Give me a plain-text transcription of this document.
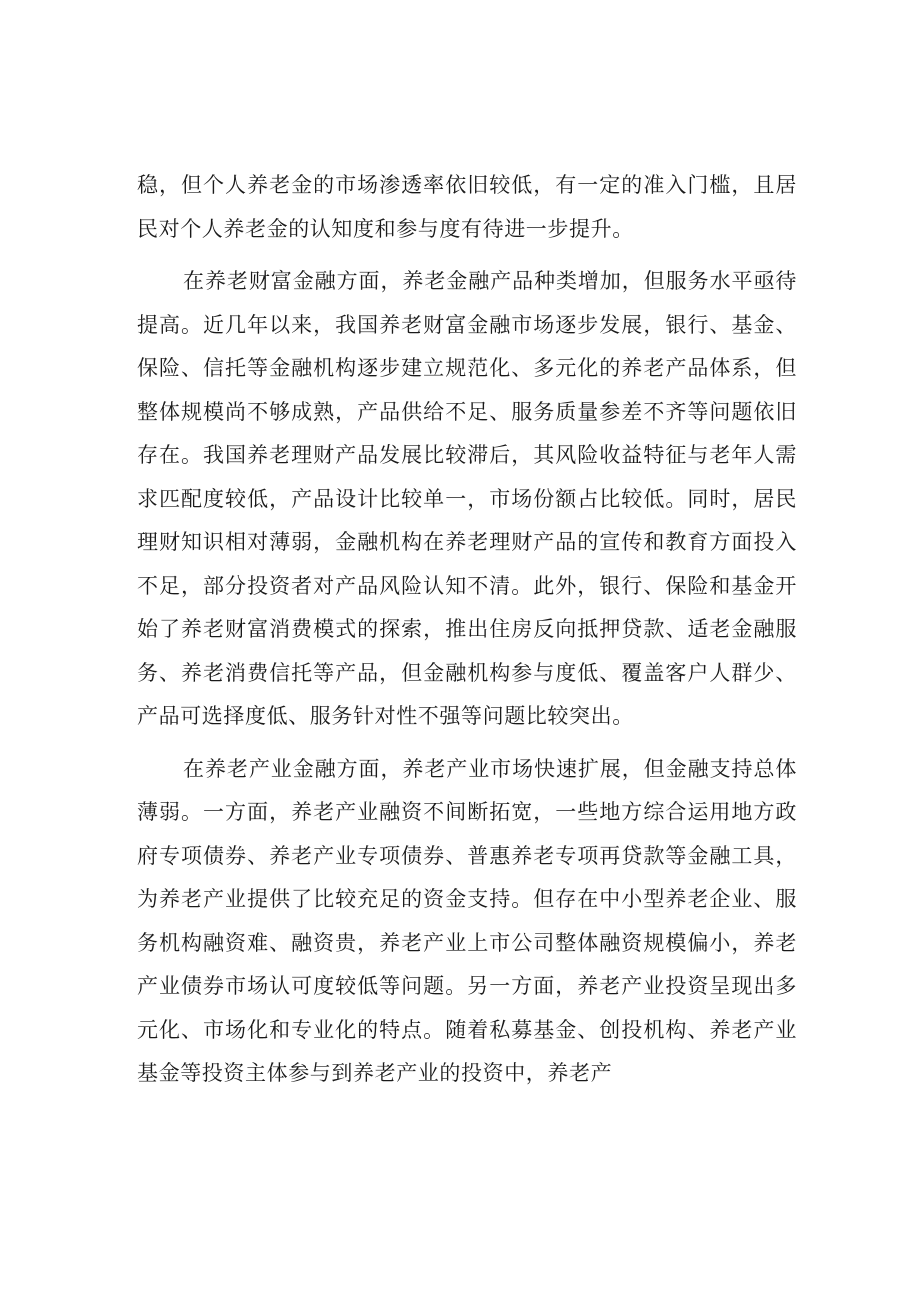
稳，但个人养老金的市场渗透率依旧较低，有一定的准入门槛，且居民对个人养老金的认知度和参与度有待进一步提升。

在养老财富金融方面，养老金融产品种类增加，但服务水平亟待提高。近几年以来，我国养老财富金融市场逐步发展，银行、基金、保险、信托等金融机构逐步建立规范化、多元化的养老产品体系，但整体规模尚不够成熟，产品供给不足、服务质量参差不齐等问题依旧存在。我国养老理财产品发展比较滞后，其风险收益特征与老年人需求匹配度较低，产品设计比较单一，市场份额占比较低。同时，居民理财知识相对薄弱，金融机构在养老理财产品的宣传和教育方面投入不足，部分投资者对产品风险认知不清。此外，银行、保险和基金开始了养老财富消费模式的探索，推出住房反向抵押贷款、适老金融服务、养老消费信托等产品，但金融机构参与度低、覆盖客户人群少、产品可选择度低、服务针对性不强等问题比较突出。

在养老产业金融方面，养老产业市场快速扩展，但金融支持总体薄弱。一方面，养老产业融资不间断拓宽，一些地方综合运用地方政府专项债券、养老产业专项债券、普惠养老专项再贷款等金融工具，为养老产业提供了比较充足的资金支持。但存在中小型养老企业、服务机构融资难、融资贵，养老产业上市公司整体融资规模偏小，养老产业债券市场认可度较低等问题。另一方面，养老产业投资呈现出多元化、市场化和专业化的特点。随着私募基金、创投机构、养老产业基金等投资主体参与到养老产业的投资中，养老产
